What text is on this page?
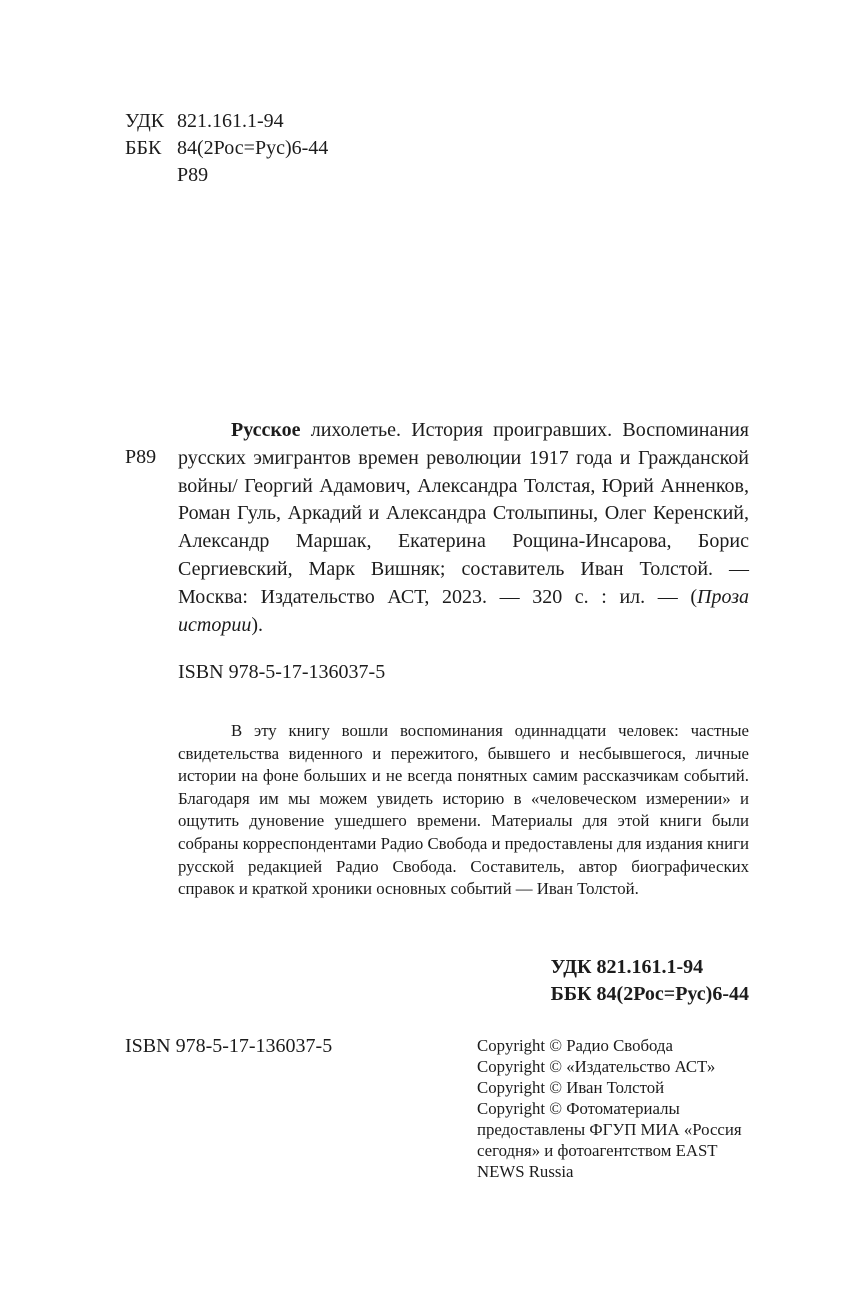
УДК 821.161.1-94
ББК 84(2Рос=Рус)6-44
Р89
Р89

Русское лихолетье. История проигравших. Воспоминания русских эмигрантов времен революции 1917 года и Гражданской войны/ Георгий Адамович, Александра Толстая, Юрий Анненков, Роман Гуль, Аркадий и Александра Столыпины, Олег Керенский, Александр Маршак, Екатерина Рощина-Инсарова, Борис Сергиевский, Марк Вишняк; составитель Иван Толстой. — Москва: Издательство АСТ, 2023. — 320 с. : ил. — (Проза истории).

ISBN 978-5-17-136037-5

В эту книгу вошли воспоминания одиннадцати человек: частные свидетельства виденного и пережитого, бывшего и несбывшегося, личные истории на фоне больших и не всегда понятных самим рассказчикам событий. Благодаря им мы можем увидеть историю в «человеческом измерении» и ощутить дуновение ушедшего времени. Материалы для этой книги были собраны корреспондентами Радио Свобода и предоставлены для издания книги русской редакцией Радио Свобода. Составитель, автор биографических справок и краткой хроники основных событий — Иван Толстой.

УДК 821.161.1-94
ББК 84(2Рос=Рус)6-44
ISBN 978-5-17-136037-5	Copyright © Радио Свобода
Copyright © «Издательство АСТ»
Copyright © Иван Толстой
Copyright © Фотоматериалы
предоставлены ФГУП МИА «Россия
сегодня» и фотоагентством EAST
NEWS Russia
